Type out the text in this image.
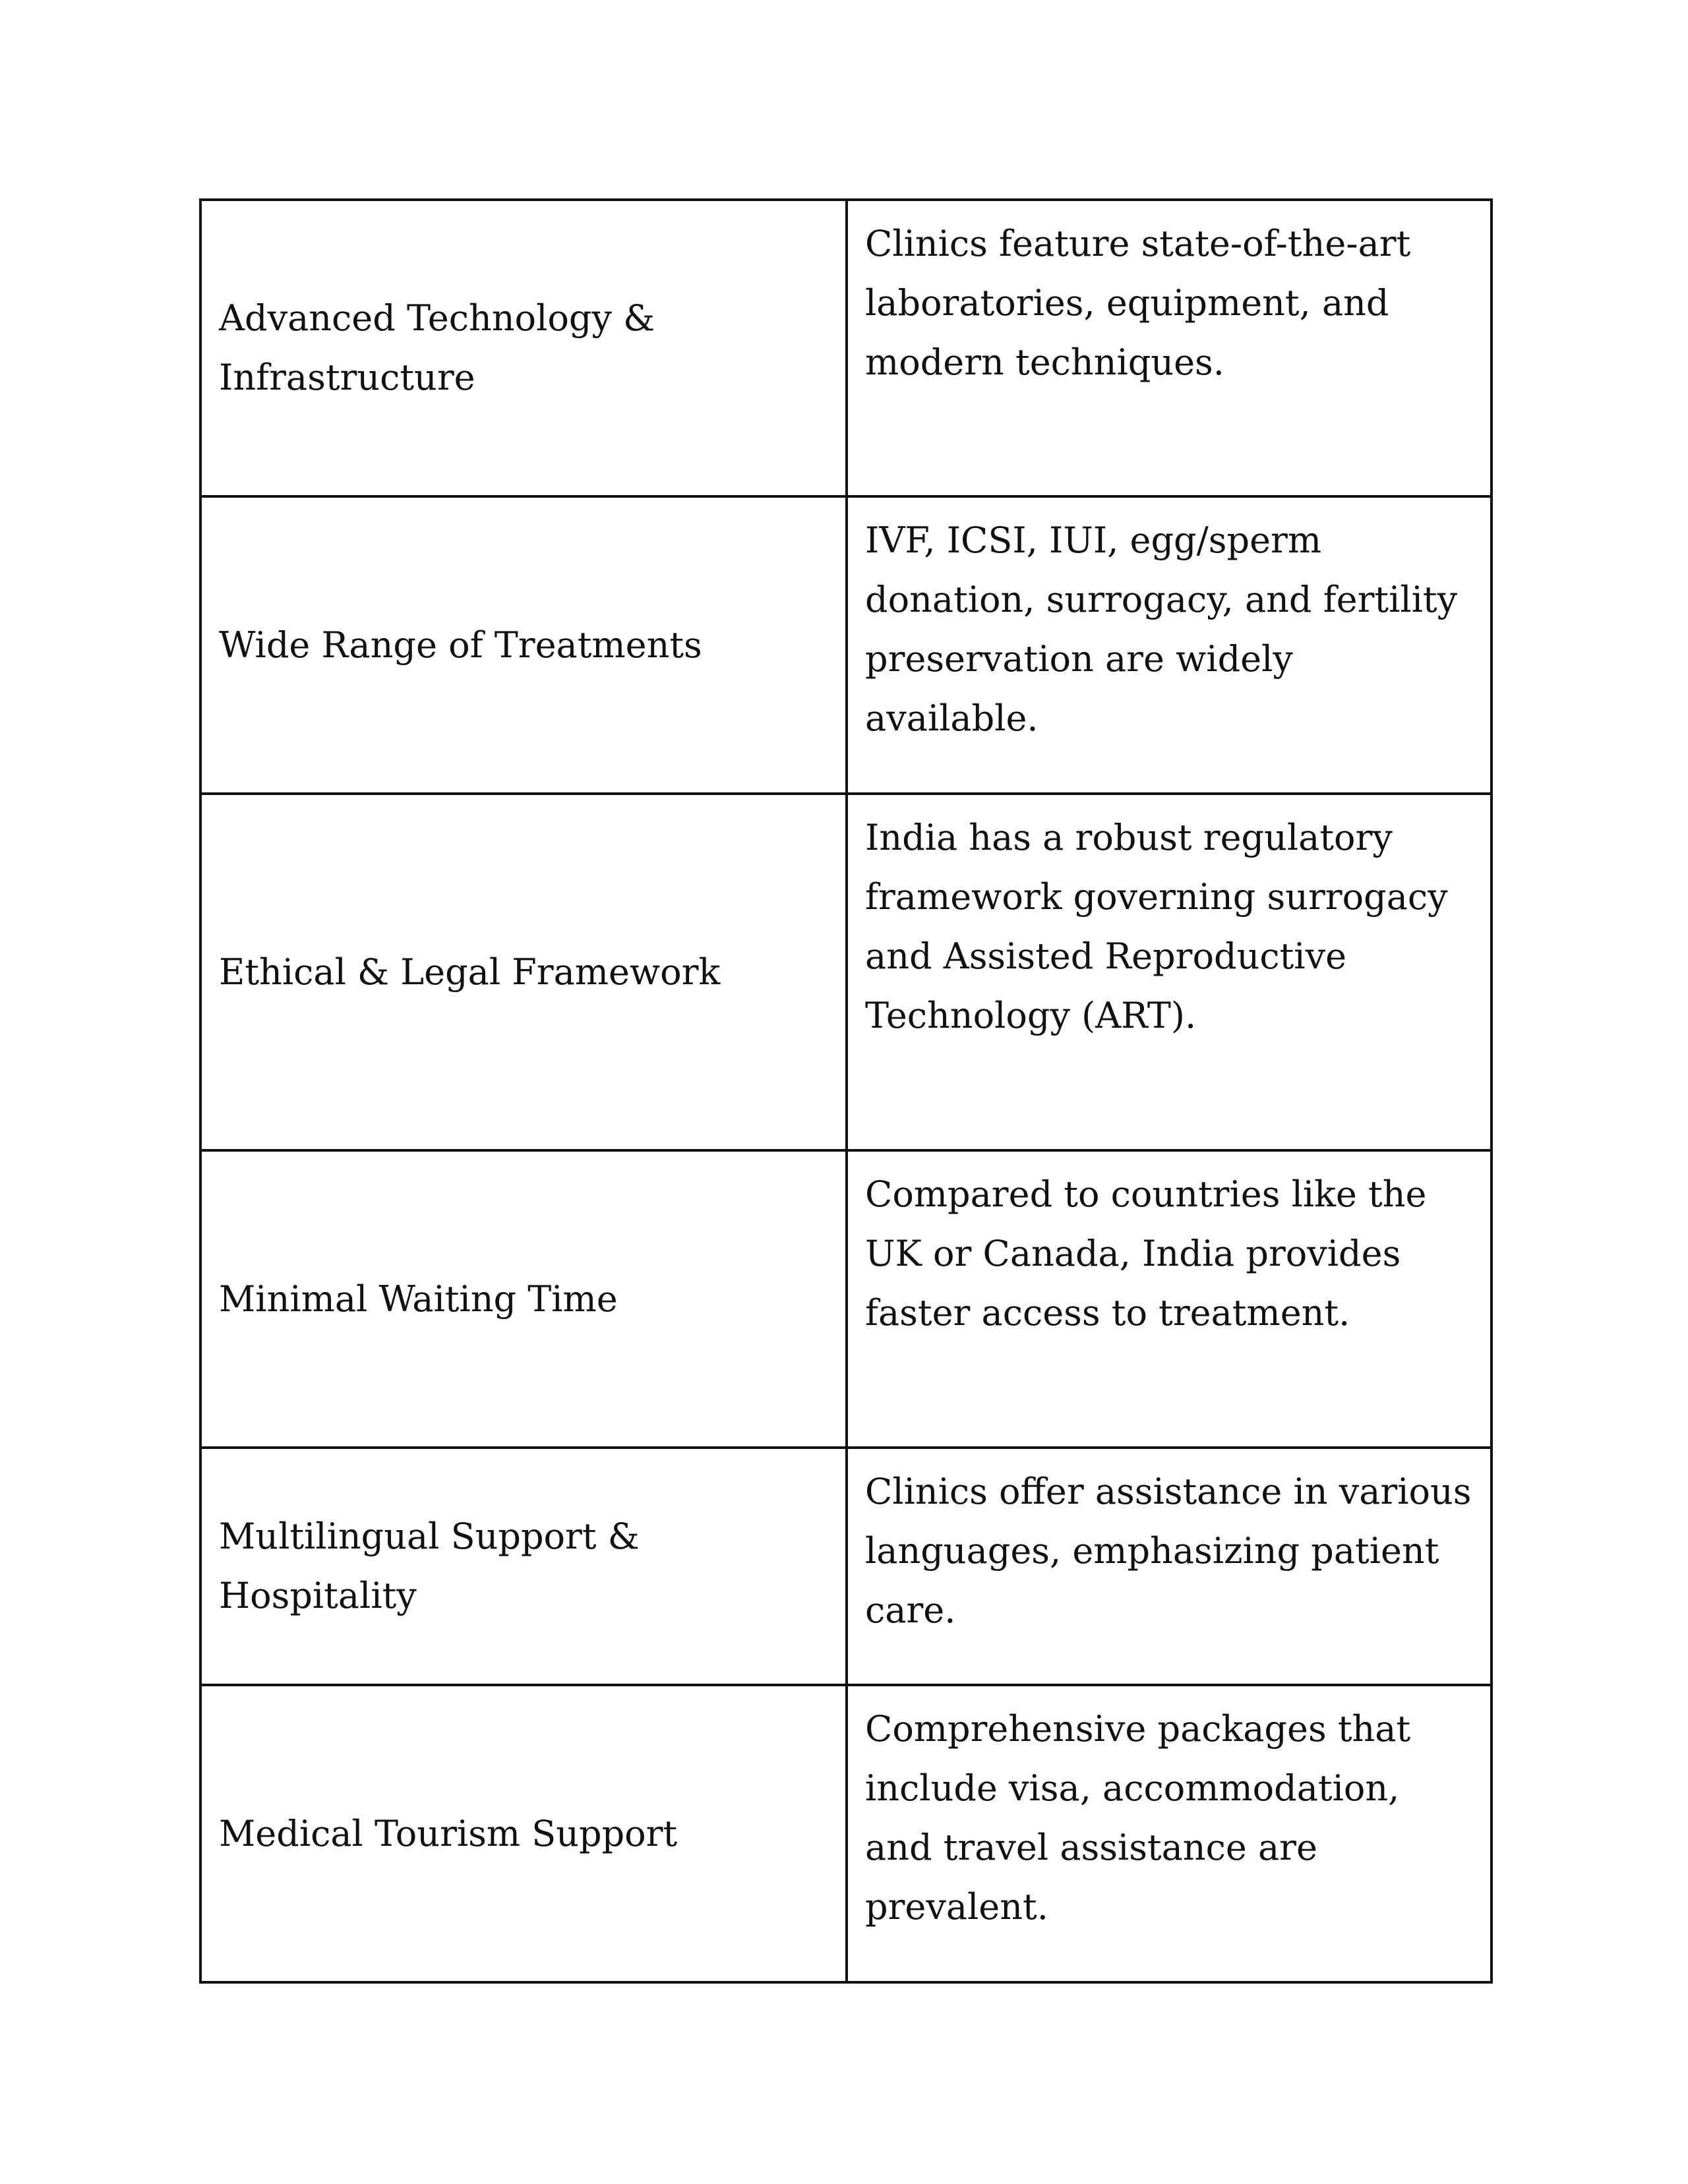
Advanced Technology & Infrastructure	Clinics feature state-of-the-art laboratories, equipment, and modern techniques.
Wide Range of Treatments	IVF, ICSI, IUI, egg/sperm donation, surrogacy, and fertility preservation are widely available.
Ethical & Legal Framework	India has a robust regulatory framework governing surrogacy and Assisted Reproductive Technology (ART).
Minimal Waiting Time	Compared to countries like the UK or Canada, India provides faster access to treatment.
Multilingual Support & Hospitality	Clinics offer assistance in various languages, emphasizing patient care.
Medical Tourism Support	Comprehensive packages that include visa, accommodation, and travel assistance are prevalent.
